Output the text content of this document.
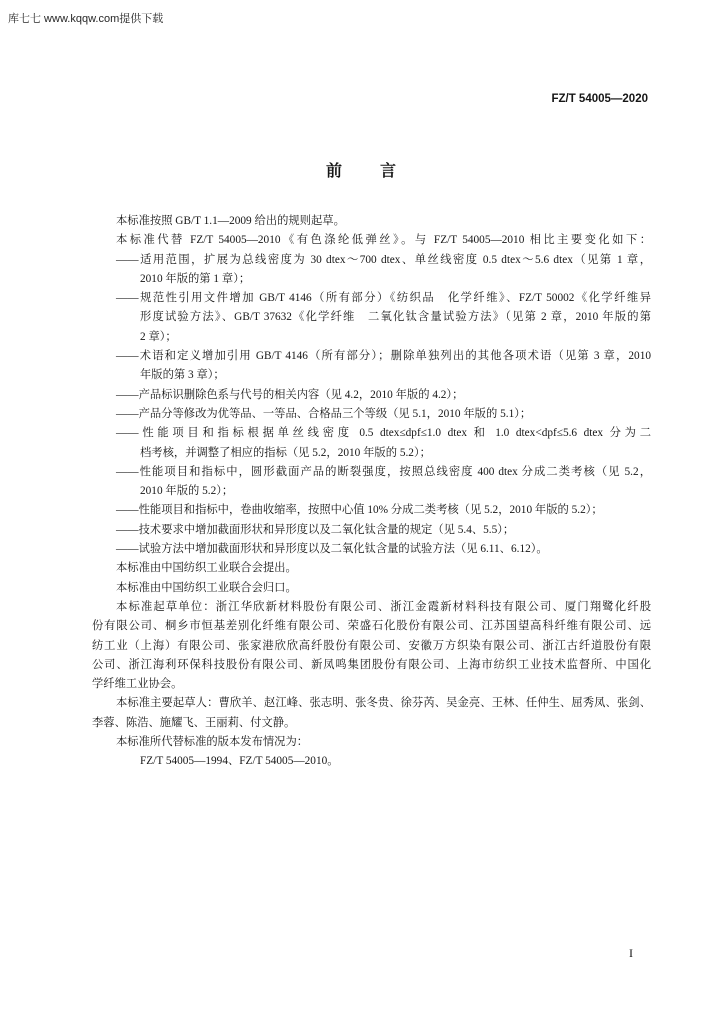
库七七 www.kqqw.com提供下载
FZ/T 54005—2020
前　　言
本标准按照 GB/T 1.1—2009 给出的规则起草。
本标准代替 FZ/T 54005—2010《有色涤纶低弹丝》。与 FZ/T 54005—2010 相比主要变化如下：
——适用范围，扩展为总线密度为 30 dtex～700 dtex、单丝线密度 0.5 dtex～5.6 dtex（见第 1 章，
2010 年版的第 1 章）；
——规范性引用文件增加 GB/T 4146（所有部分）《纺织品　化学纤维》、FZ/T 50002《化学纤维异
形度试验方法》、GB/T 37632《化学纤维　二氧化钛含量试验方法》（见第 2 章，2010 年版的第
2 章）；
——术语和定义增加引用 GB/T 4146（所有部分）；删除单独列出的其他各项术语（见第 3 章，2010
年版的第 3 章）；
——产品标识删除色系与代号的相关内容（见 4.2，2010 年版的 4.2）；
——产品分等修改为优等品、一等品、合格品三个等级（见 5.1，2010 年版的 5.1）；
——性能项目和指标根据单丝线密度 0.5 dtex≤dpf≤1.0 dtex 和 1.0 dtex<dpf≤5.6 dtex 分为二
档考核，并调整了相应的指标（见 5.2，2010 年版的 5.2）；
——性能项目和指标中，圆形截面产品的断裂强度，按照总线密度 400 dtex 分成二类考核（见 5.2，
2010 年版的 5.2）；
——性能项目和指标中，卷曲收缩率，按照中心值 10% 分成二类考核（见 5.2，2010 年版的 5.2）；
——技术要求中增加截面形状和异形度以及二氧化钛含量的规定（见 5.4、5.5）；
——试验方法中增加截面形状和异形度以及二氧化钛含量的试验方法（见 6.11、6.12）。
本标准由中国纺织工业联合会提出。
本标准由中国纺织工业联合会归口。
本标准起草单位：浙江华欣新材料股份有限公司、浙江金霞新材料科技有限公司、厦门翔鹭化纤股
份有限公司、桐乡市恒基差别化纤维有限公司、荣盛石化股份有限公司、江苏国望高科纤维有限公司、远
纺工业（上海）有限公司、张家港欣欣高纤股份有限公司、安徽万方织染有限公司、浙江古纤道股份有限
公司、浙江海利环保科技股份有限公司、新凤鸣集团股份有限公司、上海市纺织工业技术监督所、中国化
学纤维工业协会。
本标准主要起草人：曹欣羊、赵江峰、张志明、张冬贵、徐芬芮、吴金亮、王林、任仲生、屈秀凤、张剑、
李蓉、陈浩、施耀飞、王丽莉、付文静。
本标准所代替标准的版本发布情况为：
FZ/T 54005—1994、FZ/T 54005—2010。
I
